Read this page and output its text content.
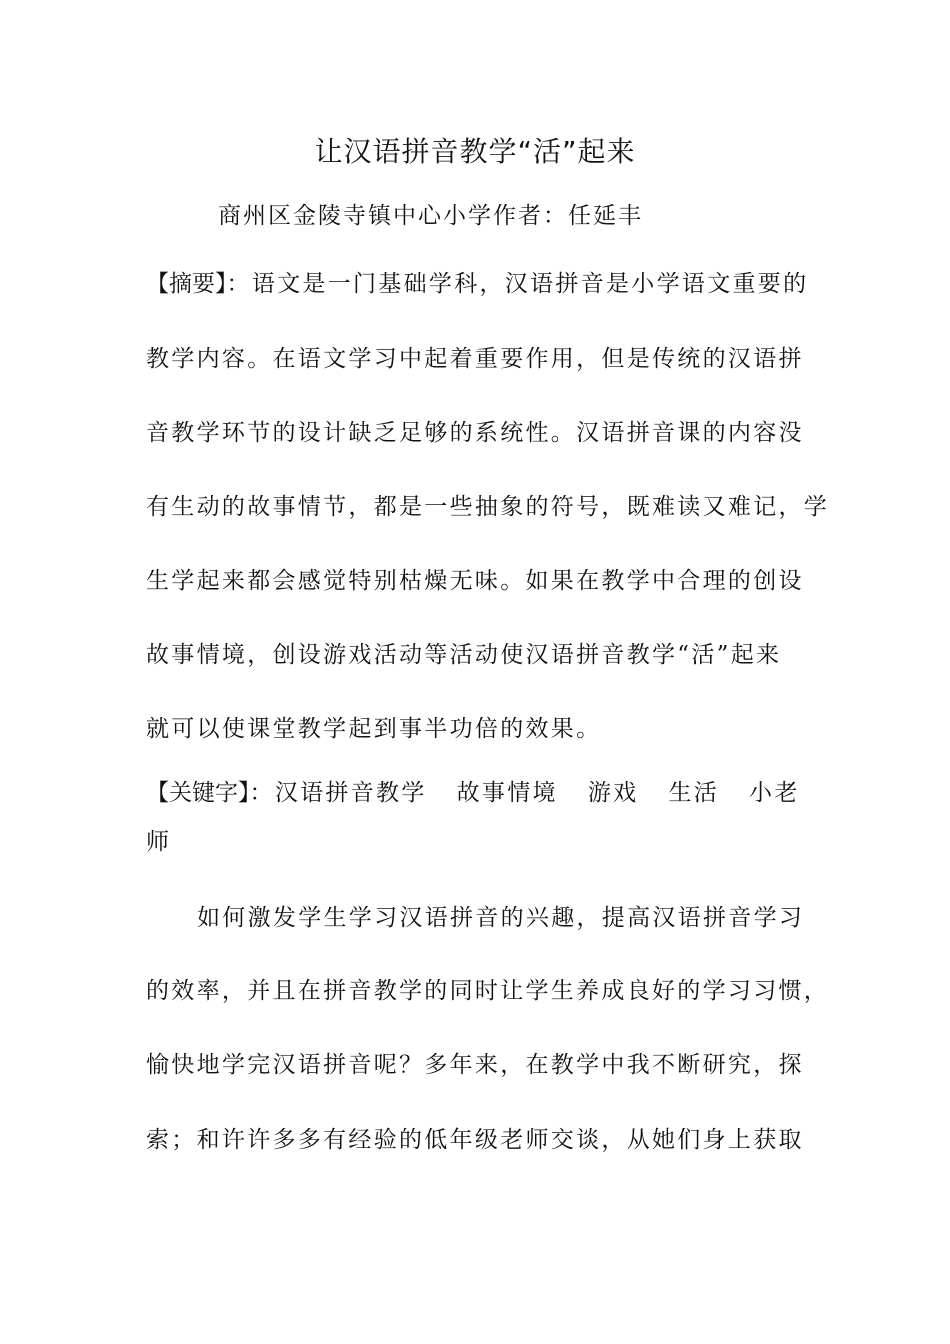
让汉语拼音教学“活”起来
商州区金陵寺镇中心小学作者：任延丰
【摘要】：语文是一门基础学科，汉语拼音是小学语文重要的
教学内容。在语文学习中起着重要作用，但是传统的汉语拼
音教学环节的设计缺乏足够的系统性。汉语拼音课的内容没
有生动的故事情节，都是一些抽象的符号，既难读又难记，学
生学起来都会感觉特别枯燥无味。如果在教学中合理的创设
故事情境，创设游戏活动等活动使汉语拼音教学“活”起来
就可以使课堂教学起到事半功倍的效果。
【关键字】：汉语拼音教学 故事情境 游戏 生活 小老
师
如何激发学生学习汉语拼音的兴趣，提高汉语拼音学习
的效率，并且在拼音教学的同时让学生养成良好的学习习惯，
愉快地学完汉语拼音呢？多年来，在教学中我不断研究，探
索；和许许多多有经验的低年级老师交谈，从她们身上获取
